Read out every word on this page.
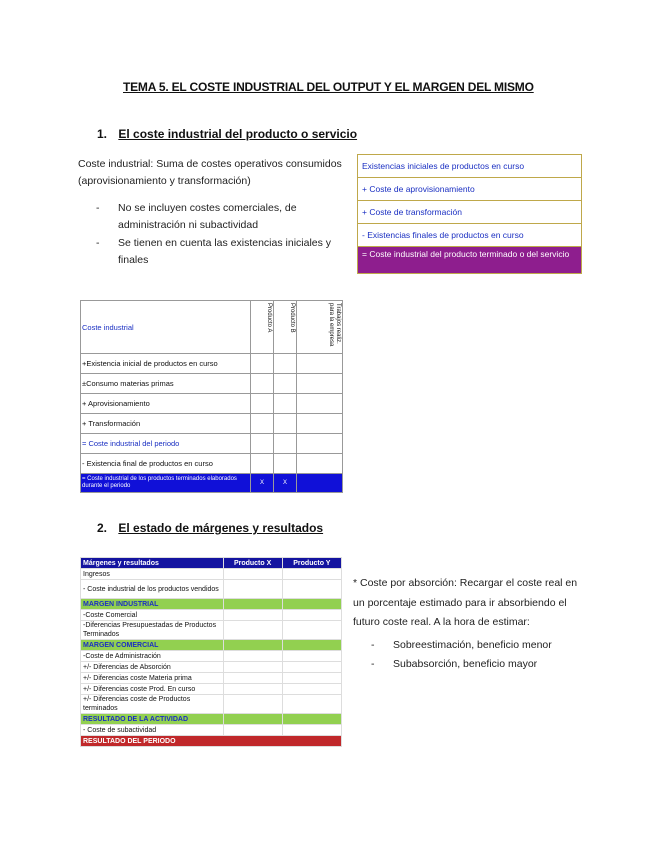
TEMA 5. EL COSTE INDUSTRIAL DEL OUTPUT Y EL MARGEN DEL MISMO
1. El coste industrial del producto o servicio
Coste industrial: Suma de costes operativos consumidos (aprovisionamiento y transformación)
- No se incluyen costes comerciales, de administración ni subactividad
- Se tienen en cuenta las existencias iniciales y finales
Existencias iniciales de productos en curso
+ Coste de aprovisionamiento
+ Coste de transformación
- Existencias finales de productos en curso
= Coste industrial del producto terminado o del servicio
Coste industrial	Producto A	Producto B	Trabajos realiz. para la empresa
+Existencia inicial de productos en curso			
±Consumo materias primas			
+ Aprovisionamiento			
+ Transformación			
= Coste industrial del periodo			
- Existencia final de productos en curso			
= Coste industrial de los productos terminados elaborados durante el periodo	X	X	
2. El estado de márgenes y resultados
Márgenes y resultados	Producto X	Producto Y
Ingresos		
- Coste industrial de los productos vendidos		
MARGEN INDUSTRIAL		
-Coste Comercial		
-Diferencias Presupuestadas de Productos Terminados		
MARGEN COMERCIAL		
-Coste de Administración		
+/- Diferencias de Absorción		
+/- Diferencias coste Materia prima		
+/- Diferencias coste Prod. En curso		
+/- Diferencias coste de Productos terminados		
RESULTADO DE LA ACTIVIDAD		
- Coste de subactividad		
RESULTADO DEL PERIODO		
* Coste por absorción: Recargar el coste real en un porcentaje estimado para ir absorbiendo el futuro coste real. A la hora de estimar:
- Sobreestimación, beneficio menor
- Subabsorción, beneficio mayor
